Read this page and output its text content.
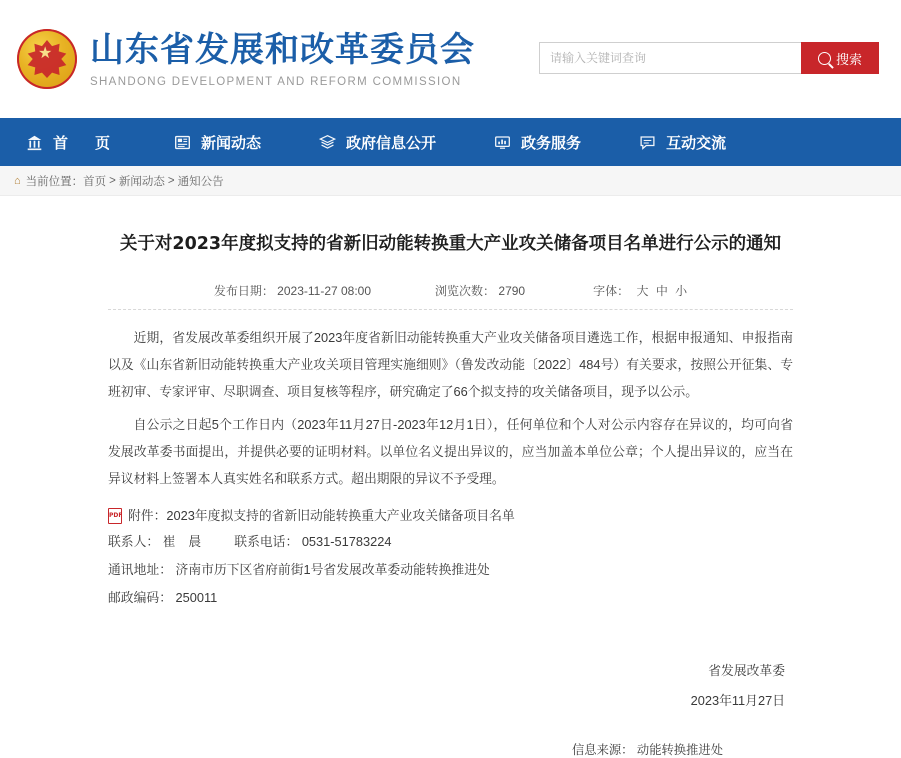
★ 山东省发展和改革委员会
SHANDONG DEVELOPMENT AND REFORM COMMISSION
请输入关键词查询
搜索
首　页	新闻动态	政府信息公开	政务服务	互动交流
⌂ 当前位置： 首页 > 新闻动态 > 通知公告
关于对2023年度拟支持的省新旧动能转换重大产业攻关储备项目名单进行公示的通知
发布日期： 2023-11-27 08:00	浏览次数： 2790	字体： 大 中 小

近期，省发展改革委组织开展了2023年度省新旧动能转换重大产业攻关储备项目遴选工作，根据申报通知、申报指南以及《山东省新旧动能转换重大产业攻关项目管理实施细则》（鲁发改动能〔2022〕484号）有关要求，按照公开征集、专班初审、专家评审、尽职调查、项目复核等程序，研究确定了66个拟支持的攻关储备项目，现予以公示。

自公示之日起5个工作日内（2023年11月27日-2023年12月1日），任何单位和个人对公示内容存在异议的，均可向省发展改革委书面提出，并提供必要的证明材料。以单位名义提出异议的，应当加盖本单位公章；个人提出异议的，应当在异议材料上签署本人真实姓名和联系方式。超出期限的异议不予受理。

PDF 附件： 2023年度拟支持的省新旧动能转换重大产业攻关储备项目名单
联系人： 崔　晨	联系电话： 0531-51783224
通讯地址： 济南市历下区省府前街1号省发展改革委动能转换推进处
邮政编码： 250011
省发展改革委
2023年11月27日
信息来源： 动能转换推进处
